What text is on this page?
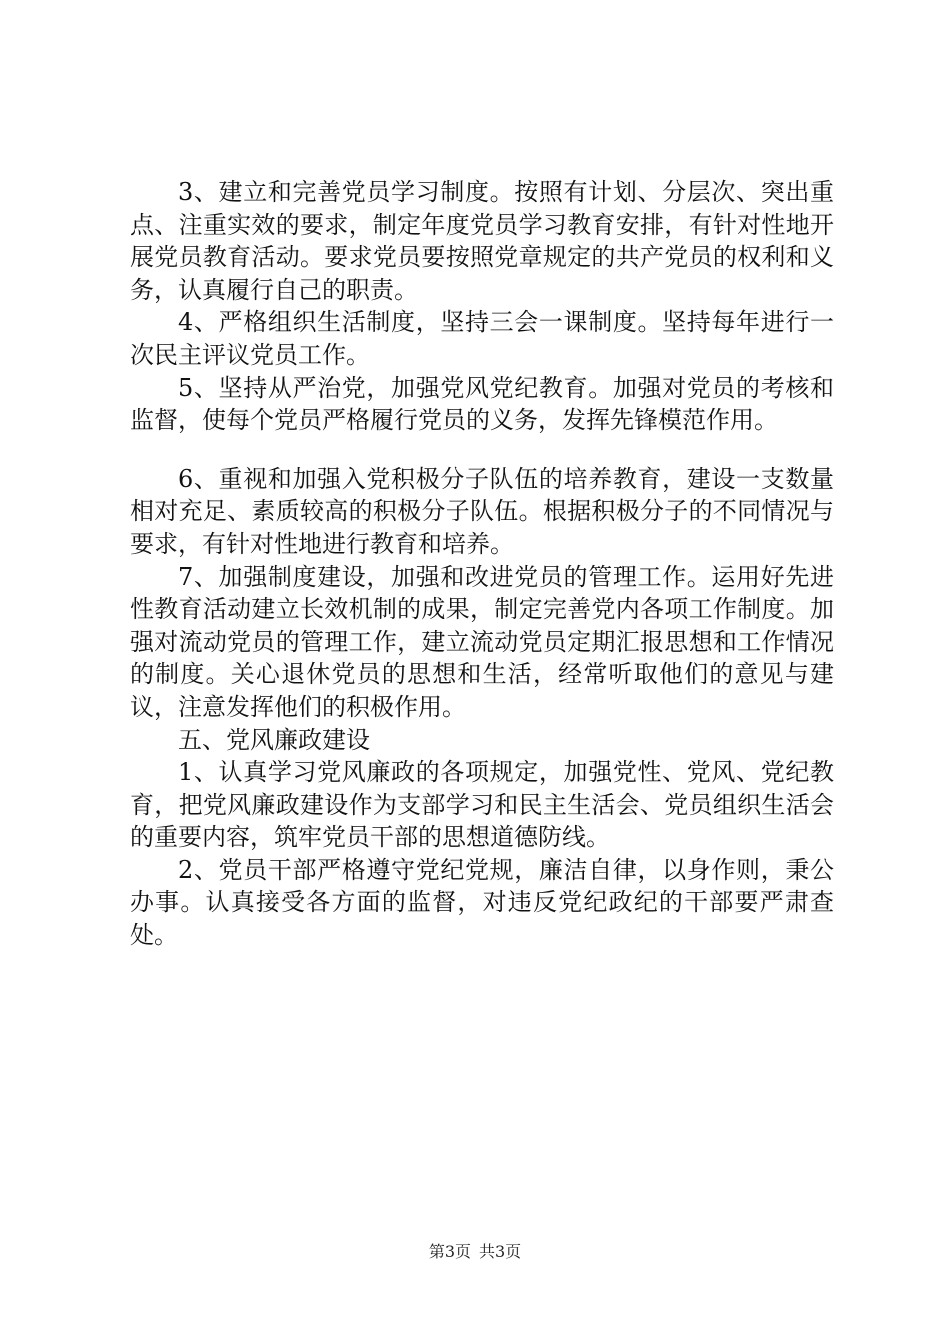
3、建立和完善党员学习制度。按照有计划、分层次、突出重点、注重实效的要求，制定年度党员学习教育安排，有针对性地开展党员教育活动。要求党员要按照党章规定的共产党员的权利和义务，认真履行自己的职责。

4、严格组织生活制度，坚持三会一课制度。坚持每年进行一次民主评议党员工作。

5、坚持从严治党，加强党风党纪教育。加强对党员的考核和监督，使每个党员严格履行党员的义务，发挥先锋模范作用。

6、重视和加强入党积极分子队伍的培养教育，建设一支数量相对充足、素质较高的积极分子队伍。根据积极分子的不同情况与要求，有针对性地进行教育和培养。

7、加强制度建设，加强和改进党员的管理工作。运用好先进性教育活动建立长效机制的成果，制定完善党内各项工作制度。加强对流动党员的管理工作，建立流动党员定期汇报思想和工作情况的制度。关心退休党员的思想和生活，经常听取他们的意见与建议，注意发挥他们的积极作用。

五、党风廉政建设

1、认真学习党风廉政的各项规定，加强党性、党风、党纪教育，把党风廉政建设作为支部学习和民主生活会、党员组织生活会的重要内容，筑牢党员干部的思想道德防线。

2、党员干部严格遵守党纪党规，廉洁自律，以身作则，秉公办事。认真接受各方面的监督，对违反党纪政纪的干部要严肃查处。

第3页 共3页
